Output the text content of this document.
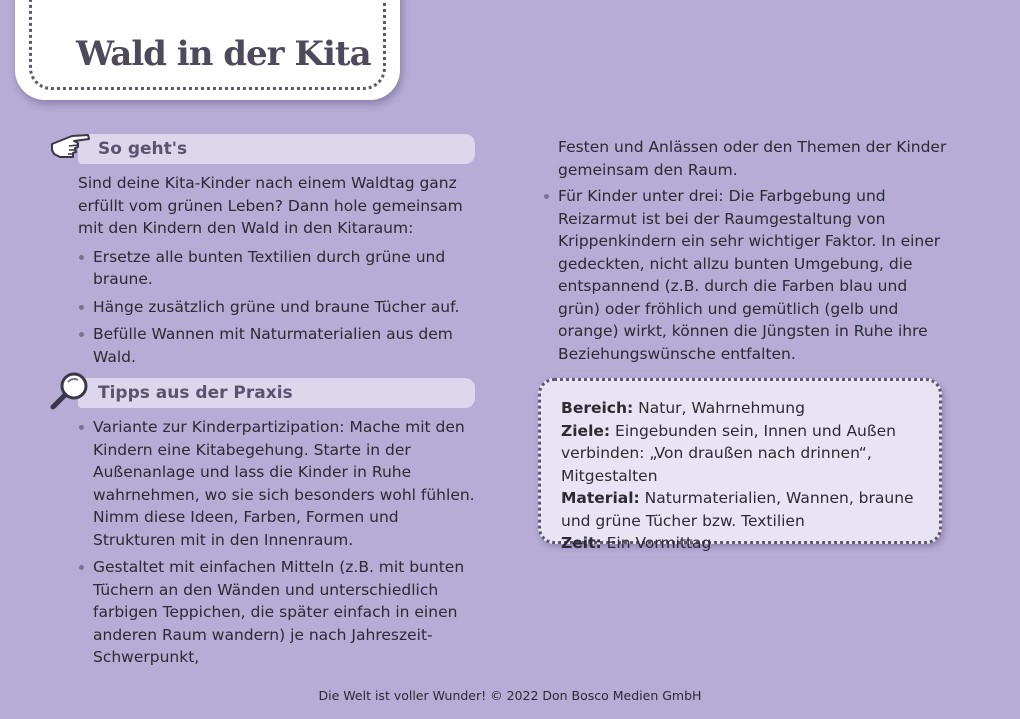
Wald in der Kita
So geht's

Sind deine Kita-Kinder nach einem Waldtag ganz erfüllt vom grünen Leben? Dann hole gemeinsam mit den Kindern den Wald in den Kitaraum:

Ersetze alle bunten Textilien durch grüne und braune.
Hänge zusätzlich grüne und braune Tücher auf.
Befülle Wannen mit Naturmaterialien aus dem Wald.
Tipps aus der Praxis
Variante zur Kinderpartizipation: Mache mit den Kindern eine Kitabegehung. Starte in der Außenanlage und lass die Kinder in Ruhe wahrnehmen, wo sie sich besonders wohl fühlen. Nimm diese Ideen, Farben, Formen und Strukturen mit in den Innenraum.
Gestaltet mit einfachen Mitteln (z.B. mit bunten Tüchern an den Wänden und unterschiedlich farbigen Teppichen, die später einfach in einen anderen Raum wandern) je nach Jahreszeit-Schwerpunkt,

Festen und Anlässen oder den Themen der Kinder gemeinsam den Raum.

Für Kinder unter drei: Die Farbgebung und Reizarmut ist bei der Raumgestaltung von Krippenkindern ein sehr wichtiger Faktor. In einer gedeckten, nicht allzu bunten Umgebung, die entspannend (z.B. durch die Farben blau und grün) oder fröhlich und gemütlich (gelb und orange) wirkt, können die Jüngsten in Ruhe ihre Beziehungswünsche entfalten.
Bereich: Natur, Wahrnehmung
Ziele: Eingebunden sein, Innen und Außen verbinden: „Von draußen nach drinnen“, Mitgestalten
Material: Naturmaterialien, Wannen, braune und grüne Tücher bzw. Textilien
Zeit: Ein Vormittag
Die Welt ist voller Wunder! © 2022 Don Bosco Medien GmbH
